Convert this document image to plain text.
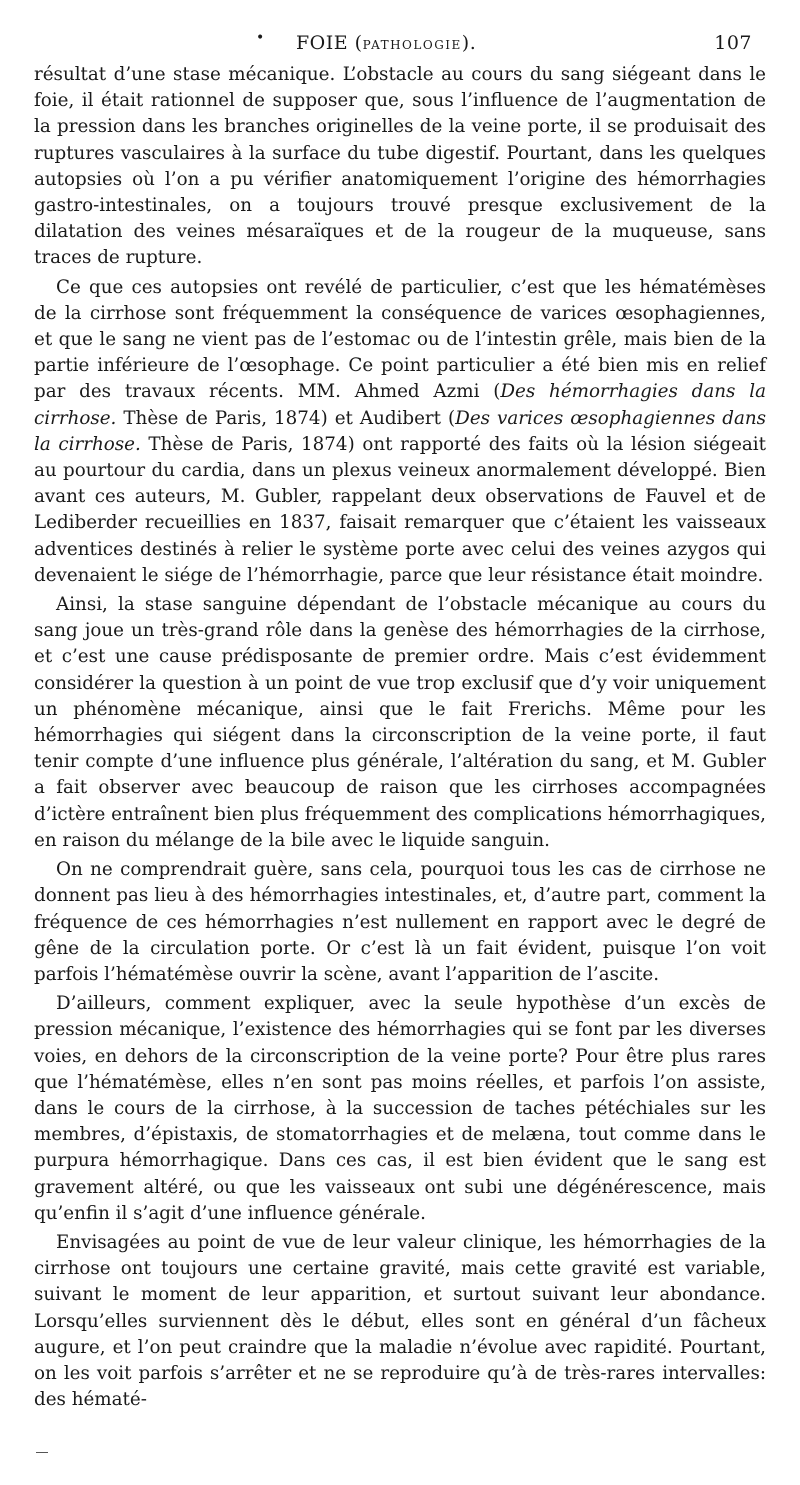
• FOIE (PATHOLOGIE).	107

résultat d’une stase mécanique. L’obstacle au cours du sang siégeant dans le foie, il était rationnel de supposer que, sous l’influence de l’augmentation de la pression dans les branches originelles de la veine porte, il se produisait des ruptures vasculaires à la surface du tube digestif. Pourtant, dans les quelques autopsies où l’on a pu vérifier anatomiquement l’origine des hémorrhagies gastro-intestinales, on a toujours trouvé presque exclusivement de la dilatation des veines mésaraïques et de la rougeur de la muqueuse, sans traces de rupture.

Ce que ces autopsies ont revélé de particulier, c’est que les hématémèses de la cirrhose sont fréquemment la conséquence de varices œsophagiennes, et que le sang ne vient pas de l’estomac ou de l’intestin grêle, mais bien de la partie inférieure de l’œsophage. Ce point particulier a été bien mis en relief par des travaux récents. MM. Ahmed Azmi (Des hémorrhagies dans la cirrhose. Thèse de Paris, 1874) et Audibert (Des varices œsophagiennes dans la cirrhose. Thèse de Paris, 1874) ont rapporté des faits où la lésion siégeait au pourtour du cardia, dans un plexus veineux anormalement développé. Bien avant ces auteurs, M. Gubler, rappelant deux observations de Fauvel et de Lediberder recueillies en 1837, faisait remarquer que c’étaient les vaisseaux adventices destinés à relier le système porte avec celui des veines azygos qui devenaient le siége de l’hémorrhagie, parce que leur résistance était moindre.

Ainsi, la stase sanguine dépendant de l’obstacle mécanique au cours du sang joue un très-grand rôle dans la genèse des hémorrhagies de la cirrhose, et c’est une cause prédisposante de premier ordre. Mais c’est évidemment considérer la question à un point de vue trop exclusif que d’y voir uniquement un phénomène mécanique, ainsi que le fait Frerichs. Même pour les hémorrhagies qui siégent dans la circonscription de la veine porte, il faut tenir compte d’une influence plus générale, l’altération du sang, et M. Gubler a fait observer avec beaucoup de raison que les cirrhoses accompagnées d’ictère entraînent bien plus fréquemment des complications hémorrhagiques, en raison du mélange de la bile avec le liquide sanguin.

On ne comprendrait guère, sans cela, pourquoi tous les cas de cirrhose ne donnent pas lieu à des hémorrhagies intestinales, et, d’autre part, comment la fréquence de ces hémorrhagies n’est nullement en rapport avec le degré de gêne de la circulation porte. Or c’est là un fait évident, puisque l’on voit parfois l’hématémèse ouvrir la scène, avant l’apparition de l’ascite.

D’ailleurs, comment expliquer, avec la seule hypothèse d’un excès de pression mécanique, l’existence des hémorrhagies qui se font par les diverses voies, en dehors de la circonscription de la veine porte? Pour être plus rares que l’hématémèse, elles n’en sont pas moins réelles, et parfois l’on assiste, dans le cours de la cirrhose, à la succession de taches pétéchiales sur les membres, d’épistaxis, de stomatorrhagies et de melæna, tout comme dans le purpura hémorrhagique. Dans ces cas, il est bien évident que le sang est gravement altéré, ou que les vaisseaux ont subi une dégénérescence, mais qu’enfin il s’agit d’une influence générale.

Envisagées au point de vue de leur valeur clinique, les hémorrhagies de la cirrhose ont toujours une certaine gravité, mais cette gravité est variable, suivant le moment de leur apparition, et surtout suivant leur abondance. Lorsqu’elles surviennent dès le début, elles sont en général d’un fâcheux augure, et l’on peut craindre que la maladie n’évolue avec rapidité. Pourtant, on les voit parfois s’arrêter et ne se reproduire qu’à de très-rares intervalles: des hématé-
